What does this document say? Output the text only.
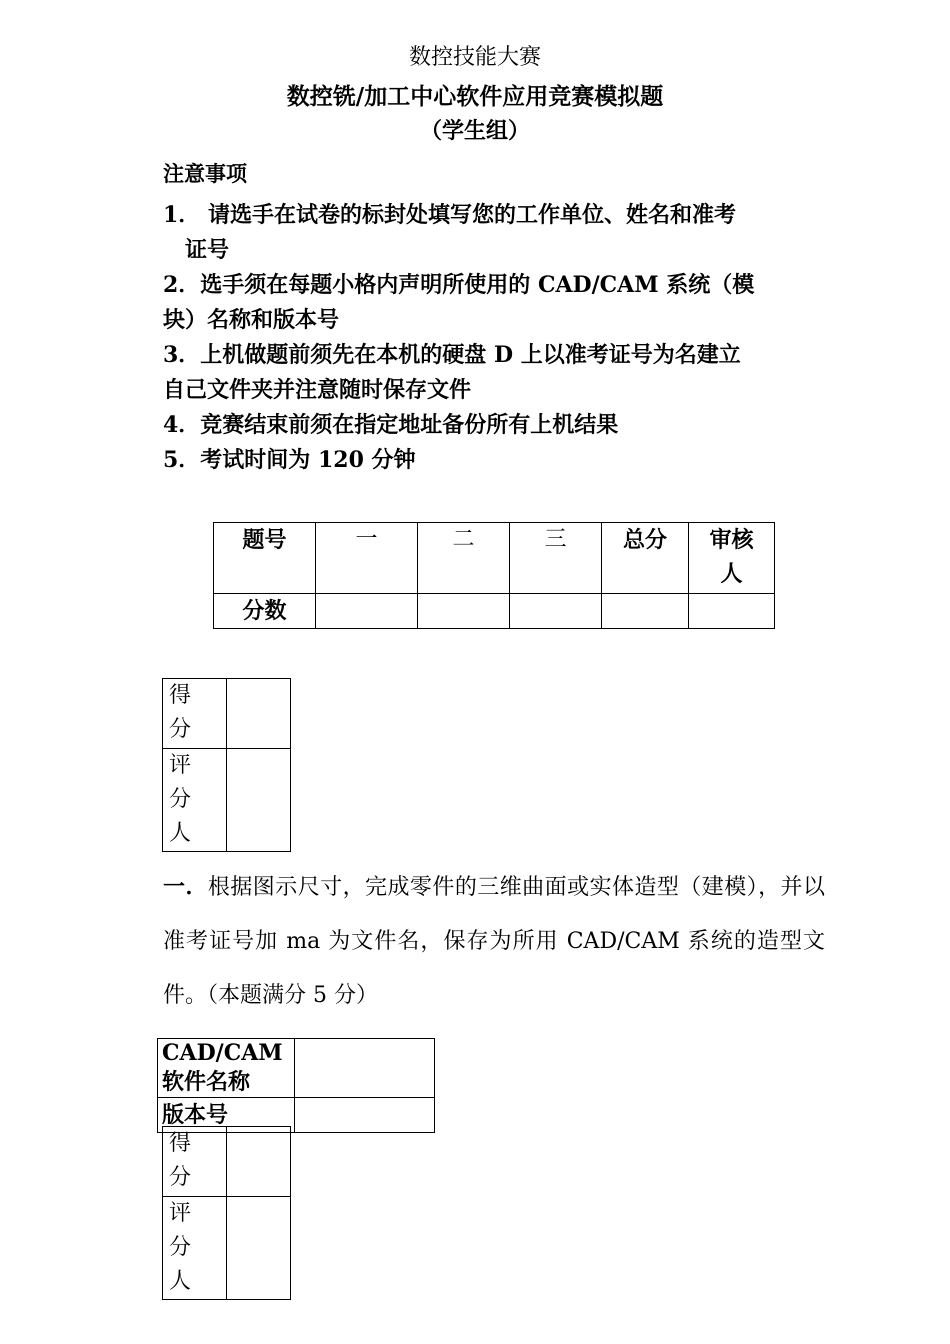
数控技能大赛
数控铣/加工中心软件应用竞赛模拟题
（学生组）
注意事项
1． 请选手在试卷的标封处填写您的工作单位、姓名和准考
证号
2．选手须在每题小格内声明所使用的 CAD/CAM 系统（模
块）名称和版本号
3．上机做题前须先在本机的硬盘 D 上以准考证号为名建立
自己文件夹并注意随时保存文件
4．竞赛结束前须在指定地址备份所有上机结果
5．考试时间为 120 分钟
题号	一	二	三	总分	审核人
分数					
得分	
评分人	
一．根据图示尺寸，完成零件的三维曲面或实体造型（建模），并以准考证号加 ma 为文件名，保存为所用 CAD/CAM 系统的造型文件。（本题满分 5 分）
CAD/CAM软件名称	
版本号	
得分	
评分人	
